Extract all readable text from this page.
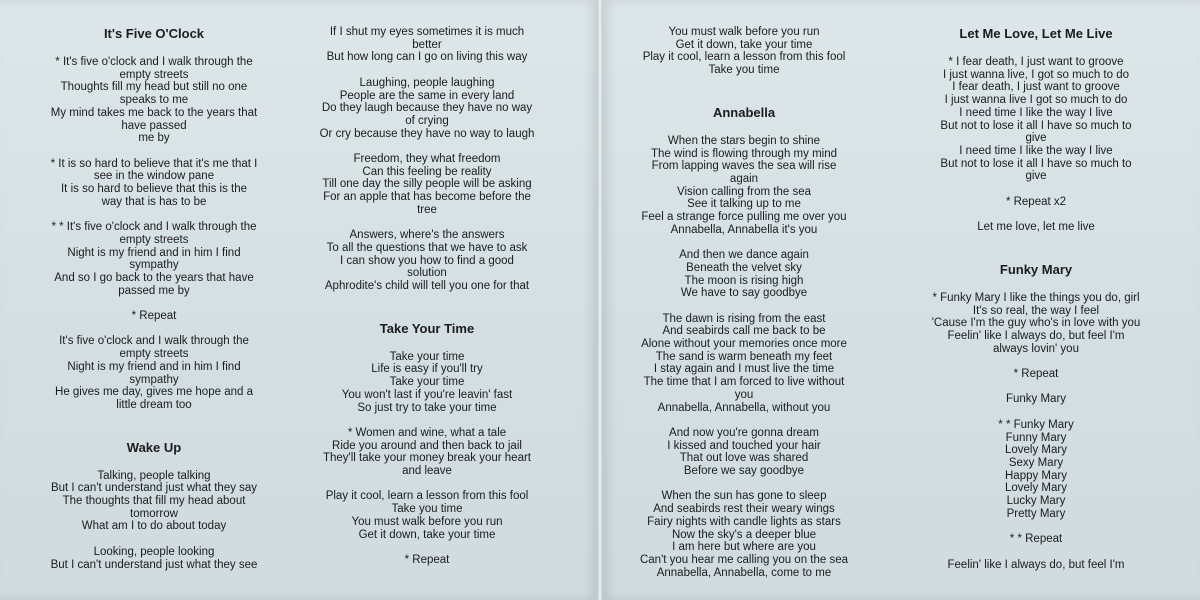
It's Five O'Clock
* It's five o'clock and I walk through the
empty streets
Thoughts fill my head but still no one
speaks to me
My mind takes me back to the years that
have passed
me by
* It is so hard to believe that it's me that I
see in the window pane
It is so hard to believe that this is the
way that is has to be
* * It's five o'clock and I walk through the
empty streets
Night is my friend and in him I find
sympathy
And so I go back to the years that have
passed me by
* Repeat
It's five o'clock and I walk through the
empty streets
Night is my friend and in him I find
sympathy
He gives me day, gives me hope and a
little dream too
Wake Up
Talking, people talking
But I can't understand just what they say
The thoughts that fill my head about
tomorrow
What am I to do about today
Looking, people looking
But I can't understand just what they see
If I shut my eyes sometimes it is much
better
But how long can I go on living this way
Laughing, people laughing
People are the same in every land
Do they laugh because they have no way
of crying
Or cry because they have no way to laugh
Freedom, they what freedom
Can this feeling be reality
Till one day the silly people will be asking
For an apple that has become before the
tree
Answers, where's the answers
To all the questions that we have to ask
I can show you how to find a good
solution
Aphrodite's child will tell you one for that
Take Your Time
Take your time
Life is easy if you'll try
Take your time
You won't last if you're leavin' fast
So just try to take your time
* Women and wine, what a tale
Ride you around and then back to jail
They'll take your money break your heart
and leave
Play it cool, learn a lesson from this fool
Take you time
You must walk before you run
Get it down, take your time
* Repeat
You must walk before you run
Get it down, take your time
Play it cool, learn a lesson from this fool
Take you time
Annabella
When the stars begin to shine
The wind is flowing through my mind
From lapping waves the sea will rise
again
Vision calling from the sea
See it talking up to me
Feel a strange force pulling me over you
Annabella, Annabella it's you
And then we dance again
Beneath the velvet sky
The moon is rising high
We have to say goodbye
The dawn is rising from the east
And seabirds call me back to be
Alone without your memories once more
The sand is warm beneath my feet
I stay again and I must live the time
The time that I am forced to live without
you
Annabella, Annabella, without you
And now you're gonna dream
I kissed and touched your hair
That out love was shared
Before we say goodbye
When the sun has gone to sleep
And seabirds rest their weary wings
Fairy nights with candle lights as stars
Now the sky's a deeper blue
I am here but where are you
Can't you hear me calling you on the sea
Annabella, Annabella, come to me
Let Me Love, Let Me Live
* I fear death, I just want to groove
I just wanna live, I got so much to do
I fear death, I just want to groove
I just wanna live I got so much to do
I need time I like the way I live
But not to lose it all I have so much to
give
I need time I like the way I live
But not to lose it all I have so much to
give
* Repeat x2
Let me love, let me live
Funky Mary
* Funky Mary I like the things you do, girl
It's so real, the way I feel
'Cause I'm the guy who's in love with you
Feelin' like I always do, but feel I'm
always lovin' you
* Repeat
Funky Mary
* * Funky Mary
Funny Mary
Lovely Mary
Sexy Mary
Happy Mary
Lovely Mary
Lucky Mary
Pretty Mary
* * Repeat
Feelin' like I always do, but feel I'm
